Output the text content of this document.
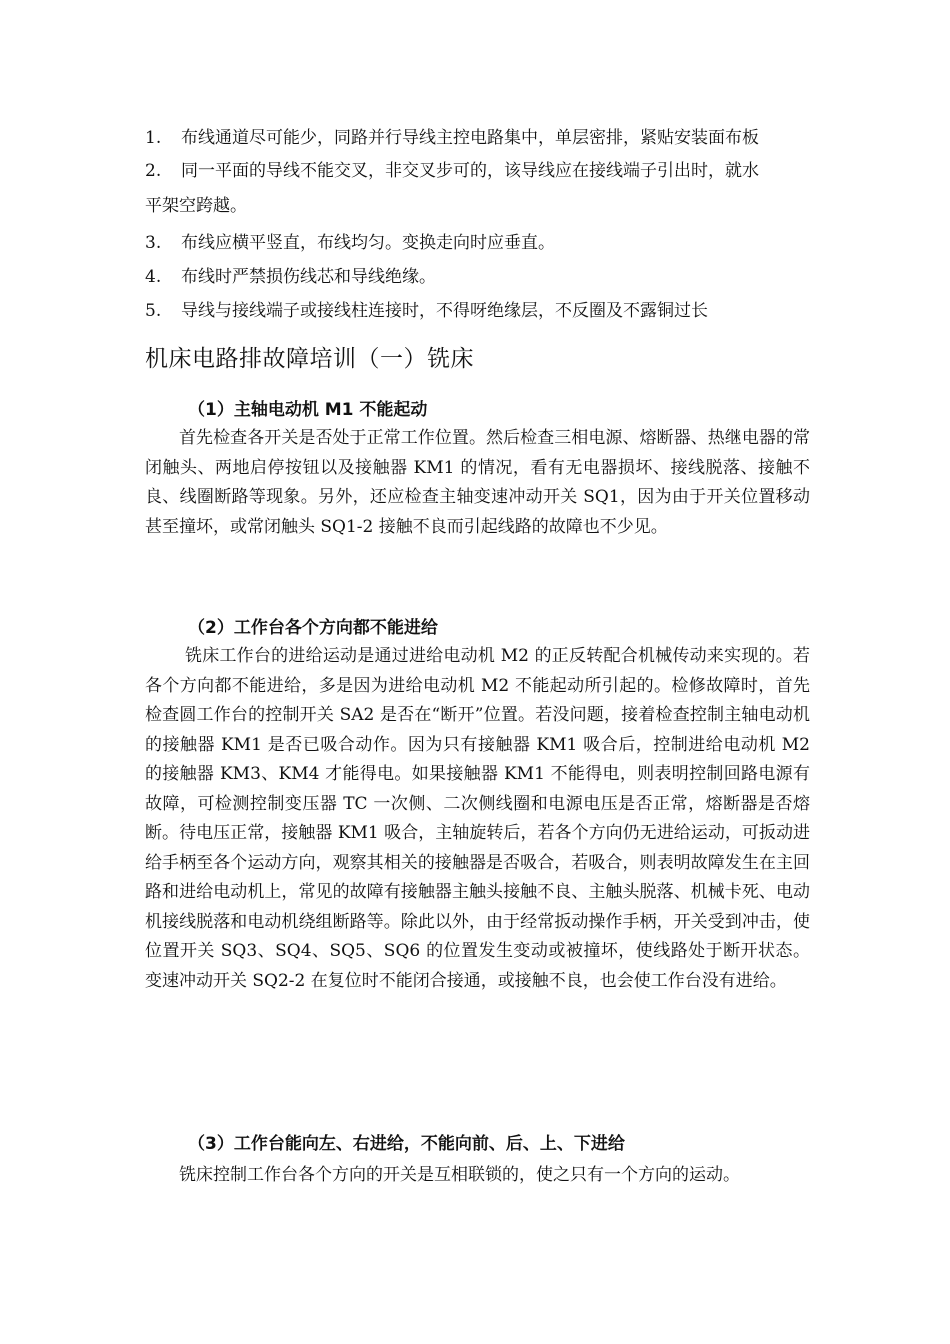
1. 布线通道尽可能少，同路并行导线主控电路集中，单层密排，紧贴安装面布板
2. 同一平面的导线不能交叉，非交叉步可的，该导线应在接线端子引出时，就水
平架空跨越。
3. 布线应横平竖直，布线均匀。变换走向时应垂直。
4. 布线时严禁损伤线芯和导线绝缘。
5. 导线与接线端子或接线柱连接时，不得呀绝缘层，不反圈及不露铜过长
机床电路排故障培训（一）铣床
（1）主轴电动机 M1 不能起动
首先检查各开关是否处于正常工作位置。然后检查三相电源、熔断器、热继电器的常闭触头、两地启停按钮以及接触器 KM1 的情况，看有无电器损坏、接线脱落、接触不良、线圈断路等现象。另外，还应检查主轴变速冲动开关 SQ1，因为由于开关位置移动甚至撞坏，或常闭触头 SQ1-2 接触不良而引起线路的故障也不少见。
（2）工作台各个方向都不能进给
铣床工作台的进给运动是通过进给电动机 M2 的正反转配合机械传动来实现的。若各个方向都不能进给，多是因为进给电动机 M2 不能起动所引起的。检修故障时，首先检查圆工作台的控制开关 SA2 是否在“断开”位置。若没问题，接着检查控制主轴电动机的接触器 KM1 是否已吸合动作。因为只有接触器 KM1 吸合后，控制进给电动机 M2 的接触器 KM3、KM4 才能得电。如果接触器 KM1 不能得电，则表明控制回路电源有故障，可检测控制变压器 TC 一次侧、二次侧线圈和电源电压是否正常，熔断器是否熔断。待电压正常，接触器 KM1 吸合，主轴旋转后，若各个方向仍无进给运动，可扳动进给手柄至各个运动方向，观察其相关的接触器是否吸合，若吸合，则表明故障发生在主回路和进给电动机上，常见的故障有接触器主触头接触不良、主触头脱落、机械卡死、电动机接线脱落和电动机绕组断路等。除此以外，由于经常扳动操作手柄，开关受到冲击，使位置开关 SQ3、SQ4、SQ5、SQ6 的位置发生变动或被撞坏，使线路处于断开状态。变速冲动开关 SQ2-2 在复位时不能闭合接通，或接触不良，也会使工作台没有进给。
（3）工作台能向左、右进给，不能向前、后、上、下进给
铣床控制工作台各个方向的开关是互相联锁的，使之只有一个方向的运动。
